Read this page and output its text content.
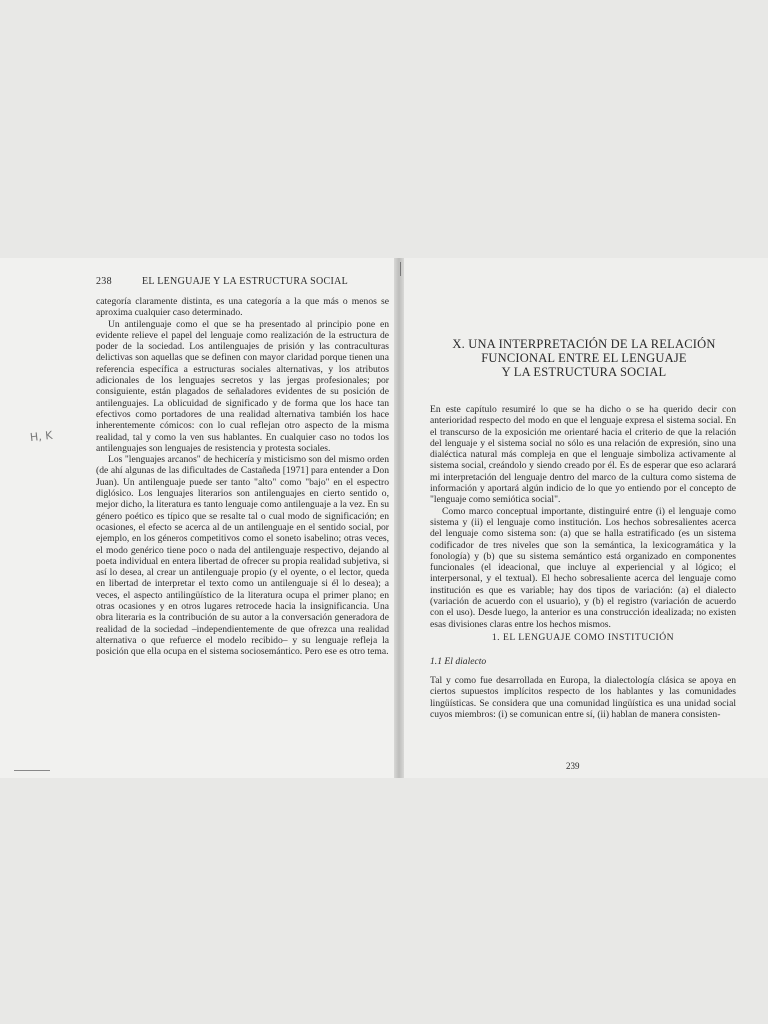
238	EL LENGUAJE Y LA ESTRUCTURA SOCIAL
H, K

categoría claramente distinta, es una categoría a la que más o menos se aproxima cualquier caso determinado.

Un antilenguaje como el que se ha presentado al principio pone en evidente relieve el papel del lenguaje como realización de la estructura de poder de la sociedad. Los antilenguajes de prisión y las contraculturas delictivas son aquellas que se definen con mayor claridad porque tienen una referencia específica a estructuras sociales alternativas, y los atributos adicionales de los lenguajes secretos y las jergas profesionales; por consiguiente, están plagados de señaladores evidentes de su posición de antilenguajes. La oblicuidad de significado y de forma que los hace tan efectivos como portadores de una realidad alternativa también los hace inherentemente cómicos: con lo cual reflejan otro aspecto de la misma realidad, tal y como la ven sus hablantes. En cualquier caso no todos los antilenguajes son lenguajes de resistencia y protesta sociales.

Los "lenguajes arcanos" de hechicería y misticismo son del mismo orden (de ahí algunas de las dificultades de Castañeda [1971] para entender a Don Juan). Un antilenguaje puede ser tanto "alto" como "bajo" en el espectro diglósico. Los lenguajes literarios son antilenguajes en cierto sentido o, mejor dicho, la literatura es tanto lenguaje como antilenguaje a la vez. En su género poético es típico que se resalte tal o cual modo de significación; en ocasiones, el efecto se acerca al de un antilenguaje en el sentido social, por ejemplo, en los géneros competitivos como el soneto isabelino; otras veces, el modo genérico tiene poco o nada del antilenguaje respectivo, dejando al poeta individual en entera libertad de ofrecer su propia realidad subjetiva, si así lo desea, al crear un antilenguaje propio (y el oyente, o el lector, queda en libertad de interpretar el texto como un antilenguaje si él lo desea); a veces, el aspecto antilingüístico de la literatura ocupa el primer plano; en otras ocasiones y en otros lugares retrocede hacia la insignificancia. Una obra literaria es la contribución de su autor a la conversación generadora de realidad de la sociedad –independientemente de que ofrezca una realidad alternativa o que refuerce el modelo recibido– y su lenguaje refleja la posición que ella ocupa en el sistema sociosemántico. Pero ese es otro tema.

X. UNA INTERPRETACIÓN DE LA RELACIÓN
FUNCIONAL ENTRE EL LENGUAJE
Y LA ESTRUCTURA SOCIAL

En este capítulo resumiré lo que se ha dicho o se ha querido decir con anterioridad respecto del modo en que el lenguaje expresa el sistema social. En el transcurso de la exposición me orientaré hacia el criterio de que la relación del lenguaje y el sistema social no sólo es una relación de expresión, sino una dialéctica natural más compleja en que el lenguaje simboliza activamente al sistema social, creándolo y siendo creado por él. Es de esperar que eso aclarará mi interpretación del lenguaje dentro del marco de la cultura como sistema de información y aportará algún indicio de lo que yo entiendo por el concepto de "lenguaje como semiótica social".

Como marco conceptual importante, distinguiré entre (i) el lenguaje como sistema y (ii) el lenguaje como institución. Los hechos sobresalientes acerca del lenguaje como sistema son: (a) que se halla estratificado (es un sistema codificador de tres niveles que son la semántica, la lexicogramática y la fonología) y (b) que su sistema semántico está organizado en componentes funcionales (el ideacional, que incluye al experiencial y al lógico; el interpersonal, y el textual). El hecho sobresaliente acerca del lenguaje como institución es que es variable; hay dos tipos de variación: (a) el dialecto (variación de acuerdo con el usuario), y (b) el registro (variación de acuerdo con el uso). Desde luego, la anterior es una construcción idealizada; no existen esas divisiones claras entre los hechos mismos.

1. EL LENGUAJE COMO INSTITUCIÓN
1.1 El dialecto

Tal y como fue desarrollada en Europa, la dialectología clásica se apoya en ciertos supuestos implícitos respecto de los hablantes y las comunidades lingüísticas. Se considera que una comunidad lingüística es una unidad social cuyos miembros: (i) se comunican entre sí, (ii) hablan de manera consisten-

239
